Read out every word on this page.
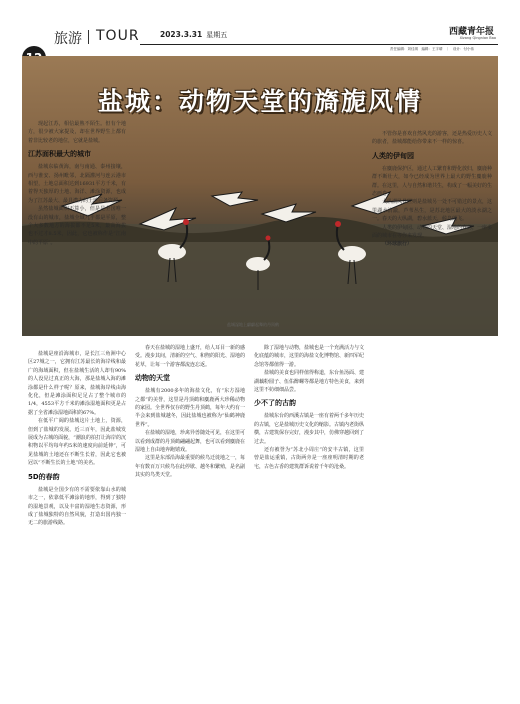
旅游 TOUR	2023.3.31 星期五	西藏青年报
Xizang Qingnian Bao
责任编辑：刘佳琪　编辑：王宇晴　｜　设计：付小伟
盐城：动物天堂的旖旎风情
盐城湿地上翩翩起舞的丹顶鹤

现起江苏，相信最熟不陌生。但有个地方，很少被大家提及，却在世界野生上都有着非比较老的地位，它就是盐城。

江苏面积最大的城市

盐城东临黄海，南与南通、泰州接壤，西与淮安、扬州毗邻，北隔灌河与连云港市相望，土地总面积达到16931平方千米，有着得天独厚的土地、海洋、滩涂资源，也成为了江苏最大、最具潜力的土地后备资源。

虽然盐城面积不算小，但是是全国唯一没有山的城市，盐城全域几乎都是平原，整个大多数地方的海拔都不足5米，最高海拔也不过才8.5米，因此，它也被称作是“江南中的平原”。

盐城是座沿海城市，是长江三角洲中心区27城之一，它拥有江苏最长的海岸线和最广的海域面积，但在盐城生活的人却有90%的人没见过真正的大海，那是盐城入海的滩涂都是什么样子呢？原来，盐城海岸线由海化化，但是滩涂面积足足占了整个城市的1/4，4553平方千米的滩涂湿地面积更是占据了全省滩涂湿地面积的67%。

在低平广阔的盐城这片土地上，资源，但到了盐城的发展。近三百年，因此盐城发展成为古城的面貌，“潮浪的拍打让海岸的沉积物以平均每年约5米的速度向前延伸”，可见盐城的土地还在不断生长着，因此它也被冠以“不断生长的土地”的美名。

5D的春韵

盐城是全国少有的不需要依靠山水的城市之一，依靠低平滩涂的地形，得到了独特的湿地景观，以及丰富的湿地生态资源，形成了盐城独特的自然风貌，打造出国内独一无二的旅游线路。

春天在盐城的湿地上盛开，给人耳目一新的感受。漫步其间，清新的空气、和煦的阳光、湿地的花草，让每一个游客都流连忘返。

动物的天堂

盐城有2000多年的海盐文化，有“东方湿地之都”的美誉，这里是丹顶鹤和麋鹿两大珍稀动物的家园。全世界仅存的野生丹顶鹤，每年大约有一半会来到盐城越冬，因此盐城也被称为“仙鹤神鹿世界”。

在盐城的湿地，珍禽异兽随处可见，在这里可以看到成群的丹顶鹤翩翩起舞，也可以看到麋鹿在湿地上自由地奔跑嬉戏。

这里是东部沿海最重要的候鸟迁徙地之一，每年有数百万只候鸟在此停歇、越冬和繁殖，是名副其实的鸟类天堂。

除了湿地与动物，盐城也是一个充满活力与文化底蕴的城市，这里的海盐文化博物馆、新四军纪念馆等都值得一游。

盐城的美食也同样值得称道，东台鱼汤面、建湖藕粉圆子、伍佑醉螺等都是地方特色美食，来到这里不妨细细品尝。

少不了的古韵

盐城东台的西溪古镇是一座有着两千多年历史的古镇，它是盐城历史文化的缩影。古镇内老街纵横，古建筑保存完好，漫步其中，仿佛穿越回到了过去。

还有被誉为“苏北小周庄”的安丰古镇，这里曾是盐运重镇，古街两旁是一座座明清时期的老宅，古色古香的建筑群诉说着千年的沧桑。

不管你是喜欢自然风光的游客，还是热爱历史人文的旅者，盐城都能给你带来不一样的惊喜。

人类的伊甸园

在麋鹿保护区，通过人工繁育和野化放归，麋鹿种群不断壮大，如今已经成为世界上最大的野生麋鹿种群。在这里，人与自然和谐共生，构成了一幅美好的生态画卷。

大纵湖风景区则是盐城另一处不可错过的景点，这里湖水清澈，芦苇丛生，是苏北地区最大的淡水湖之一。春天的大纵湖，碧水蓝天，候鸟翩飞。

人类的伊甸园、动物的天堂、湿地的春韵，一座多面的城市在等你来发现。

（环球旅行）
